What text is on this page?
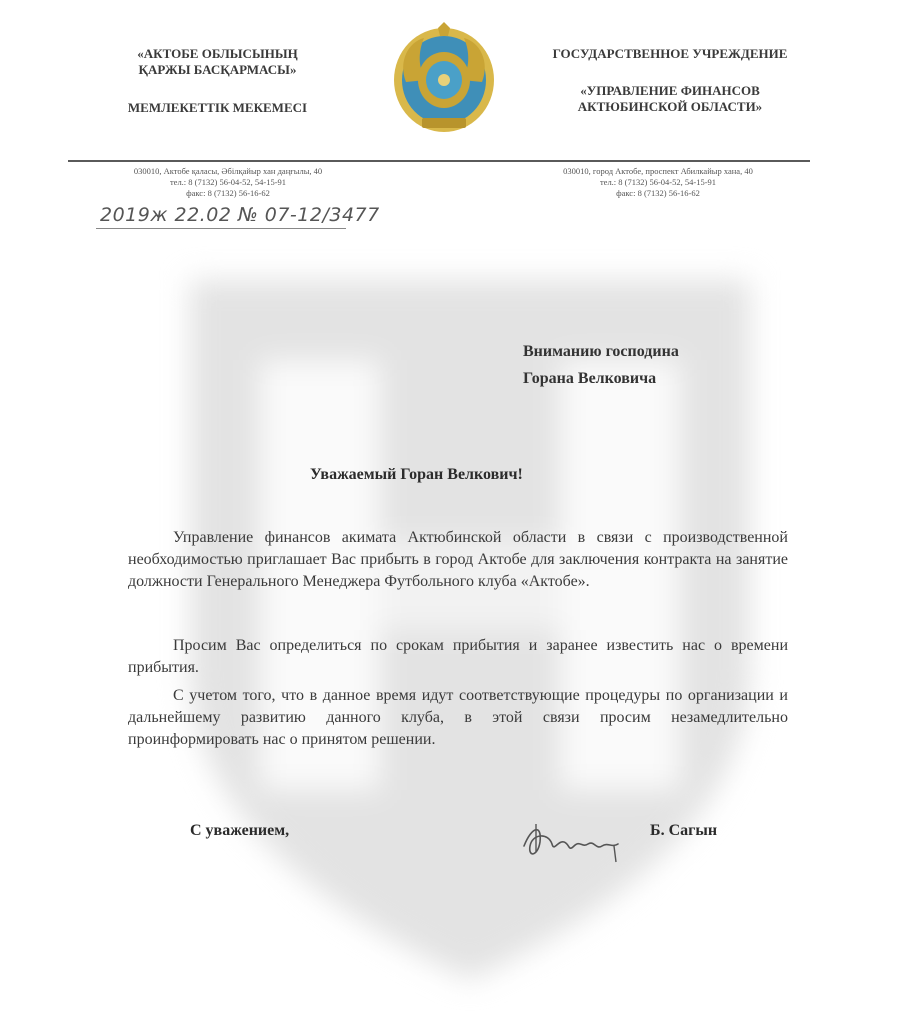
«АКТОБЕ ОБЛЫСЫНЫҢ
ҚАРЖЫ БАСҚАРМАСЫ»
МЕМЛЕКЕТТІК МЕКЕМЕСІ
ГОСУДАРСТВЕННОЕ УЧРЕЖДЕНИЕ
«УПРАВЛЕНИЕ ФИНАНСОВ
АКТЮБИНСКОЙ ОБЛАСТИ»
030010, Актобе қаласы, Әбілқайыр хан даңғылы, 40
тел.: 8 (7132) 56-04-52, 54-15-91
факс: 8 (7132) 56-16-62
030010, город Актобе, проспект Абилкайыр хана, 40
тел.: 8 (7132) 56-04-52, 54-15-91
факс: 8 (7132) 56-16-62
2019ж 22.02 № 07-12/3477
Вниманию господина
Горана Велковича
Уважаемый Горан Велкович!
Управление финансов акимата Актюбинской области в связи с производственной необходимостью приглашает Вас прибыть в город Актобе для заключения контракта на занятие должности Генерального Менеджера Футбольного клуба «Актобе».
Просим Вас определиться по срокам прибытия и заранее известить нас о времени прибытия.
С учетом того, что в данное время идут соответствующие процедуры по организации и дальнейшему развитию данного клуба, в этой связи просим незамедлительно проинформировать нас о принятом решении.
С уважением,	Б. Сагын
